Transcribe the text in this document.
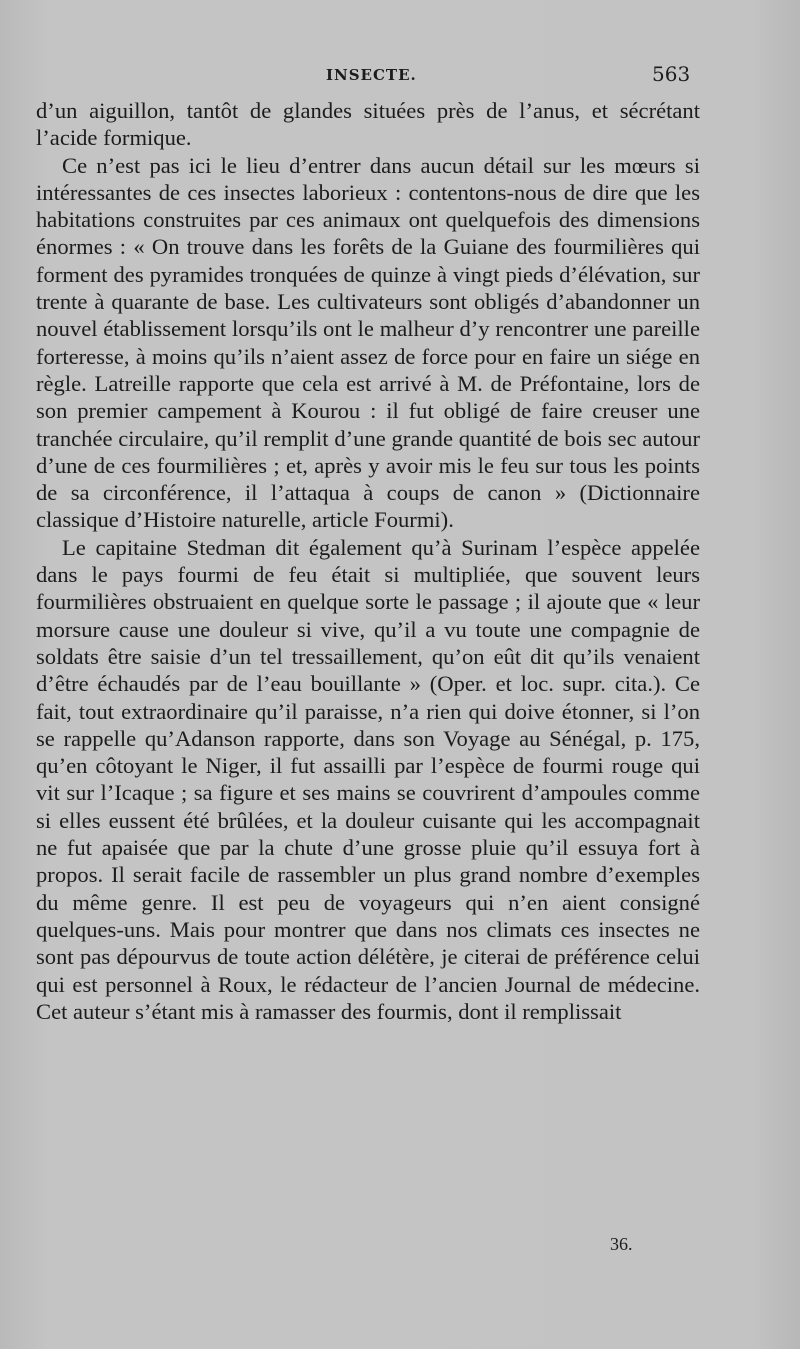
INSECTE.	563

d’un aiguillon, tantôt de glandes situées près de l’anus, et sécrétant l’acide formique.

Ce n’est pas ici le lieu d’entrer dans aucun détail sur les mœurs si intéressantes de ces insectes laborieux : contentons-nous de dire que les habitations construites par ces animaux ont quelquefois des dimensions énormes : « On trouve dans les forêts de la Guiane des fourmilières qui forment des pyramides tronquées de quinze à vingt pieds d’élévation, sur trente à quarante de base. Les cultivateurs sont obligés d’abandonner un nouvel établissement lorsqu’ils ont le malheur d’y rencontrer une pareille forteresse, à moins qu’ils n’aient assez de force pour en faire un siége en règle. Latreille rapporte que cela est arrivé à M. de Préfontaine, lors de son premier campement à Kourou : il fut obligé de faire creuser une tranchée circulaire, qu’il remplit d’une grande quantité de bois sec autour d’une de ces fourmilières ; et, après y avoir mis le feu sur tous les points de sa circonférence, il l’attaqua à coups de canon » (Dictionnaire classique d’Histoire naturelle, article Fourmi).

Le capitaine Stedman dit également qu’à Surinam l’espèce appelée dans le pays fourmi de feu était si multipliée, que souvent leurs fourmilières obstruaient en quelque sorte le passage ; il ajoute que « leur morsure cause une douleur si vive, qu’il a vu toute une compagnie de soldats être saisie d’un tel tressaillement, qu’on eût dit qu’ils venaient d’être échaudés par de l’eau bouillante » (Oper. et loc. supr. cita.). Ce fait, tout extraordinaire qu’il paraisse, n’a rien qui doive étonner, si l’on se rappelle qu’Adanson rapporte, dans son Voyage au Sénégal, p. 175, qu’en côtoyant le Niger, il fut assailli par l’espèce de fourmi rouge qui vit sur l’Icaque ; sa figure et ses mains se couvrirent d’ampoules comme si elles eussent été brûlées, et la douleur cuisante qui les accompagnait ne fut apaisée que par la chute d’une grosse pluie qu’il essuya fort à propos. Il serait facile de rassembler un plus grand nombre d’exemples du même genre. Il est peu de voyageurs qui n’en aient consigné quelques-uns. Mais pour montrer que dans nos climats ces insectes ne sont pas dépourvus de toute action délétère, je citerai de préférence celui qui est personnel à Roux, le rédacteur de l’ancien Journal de médecine. Cet auteur s’étant mis à ramasser des fourmis, dont il remplissait

36.
